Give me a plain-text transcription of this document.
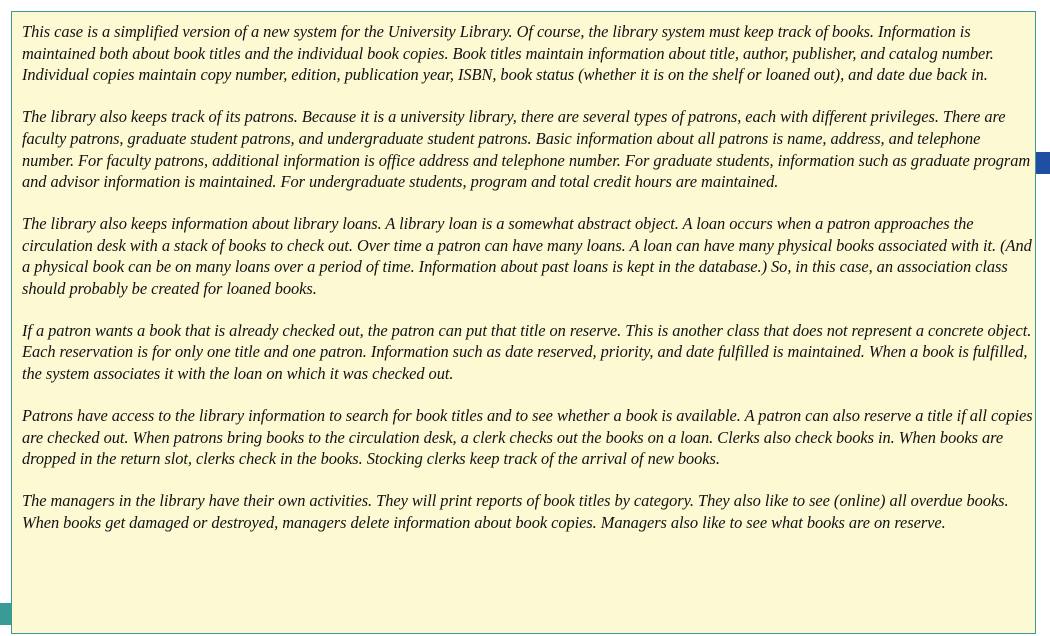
This case is a simplified version of a new system for the University Library. Of course, the library system must keep track of books. Information is maintained both about book titles and the individual book copies. Book titles maintain information about title, author, publisher, and catalog number. Individual copies maintain copy number, edition, publication year, ISBN, book status (whether it is on the shelf or loaned out), and date due back in.

The library also keeps track of its patrons. Because it is a university library, there are several types of patrons, each with different privileges. There are faculty patrons, graduate student patrons, and undergraduate student patrons. Basic information about all patrons is name, address, and telephone number. For faculty patrons, additional information is office address and telephone number. For graduate students, information such as graduate program and advisor information is maintained. For undergraduate students, program and total credit hours are maintained.

The library also keeps information about library loans. A library loan is a somewhat abstract object. A loan occurs when a patron approaches the circulation desk with a stack of books to check out. Over time a patron can have many loans. A loan can have many physical books associated with it. (And a physical book can be on many loans over a period of time. Information about past loans is kept in the database.) So, in this case, an association class should probably be created for loaned books.

If a patron wants a book that is already checked out, the patron can put that title on reserve. This is another class that does not represent a concrete object. Each reservation is for only one title and one patron. Information such as date reserved, priority, and date fulfilled is maintained. When a book is fulfilled, the system associates it with the loan on which it was checked out.

Patrons have access to the library information to search for book titles and to see whether a book is available. A patron can also reserve a title if all copies are checked out. When patrons bring books to the circulation desk, a clerk checks out the books on a loan. Clerks also check books in. When books are dropped in the return slot, clerks check in the books. Stocking clerks keep track of the arrival of new books.

The managers in the library have their own activities. They will print reports of book titles by category. They also like to see (online) all overdue books. When books get damaged or destroyed, managers delete information about book copies. Managers also like to see what books are on reserve.
